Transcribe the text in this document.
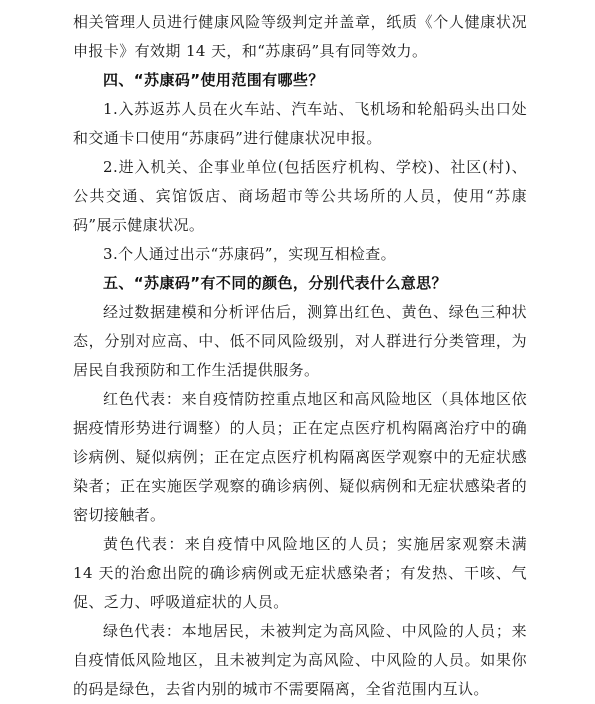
相关管理人员进行健康风险等级判定并盖章，纸质《个人健康状况申报卡》有效期 14 天，和“苏康码”具有同等效力。

四、“苏康码”使用范围有哪些？

1.入苏返苏人员在火车站、汽车站、飞机场和轮船码头出口处和交通卡口使用“苏康码”进行健康状况申报。

2.进入机关、企事业单位(包括医疗机构、学校)、社区(村)、公共交通、宾馆饭店、商场超市等公共场所的人员，使用“苏康码”展示健康状况。

3.个人通过出示“苏康码”，实现互相检查。

五、“苏康码”有不同的颜色，分别代表什么意思？

经过数据建模和分析评估后，测算出红色、黄色、绿色三种状态，分别对应高、中、低不同风险级别，对人群进行分类管理，为居民自我预防和工作生活提供服务。

红色代表：来自疫情防控重点地区和高风险地区（具体地区依据疫情形势进行调整）的人员；正在定点医疗机构隔离治疗中的确诊病例、疑似病例；正在定点医疗机构隔离医学观察中的无症状感染者；正在实施医学观察的确诊病例、疑似病例和无症状感染者的密切接触者。

黄色代表：来自疫情中风险地区的人员；实施居家观察未满 14 天的治愈出院的确诊病例或无症状感染者；有发热、干咳、气促、乏力、呼吸道症状的人员。

绿色代表：本地居民，未被判定为高风险、中风险的人员；来自疫情低风险地区，且未被判定为高风险、中风险的人员。如果你的码是绿色，去省内别的城市不需要隔离，全省范围内互认。
